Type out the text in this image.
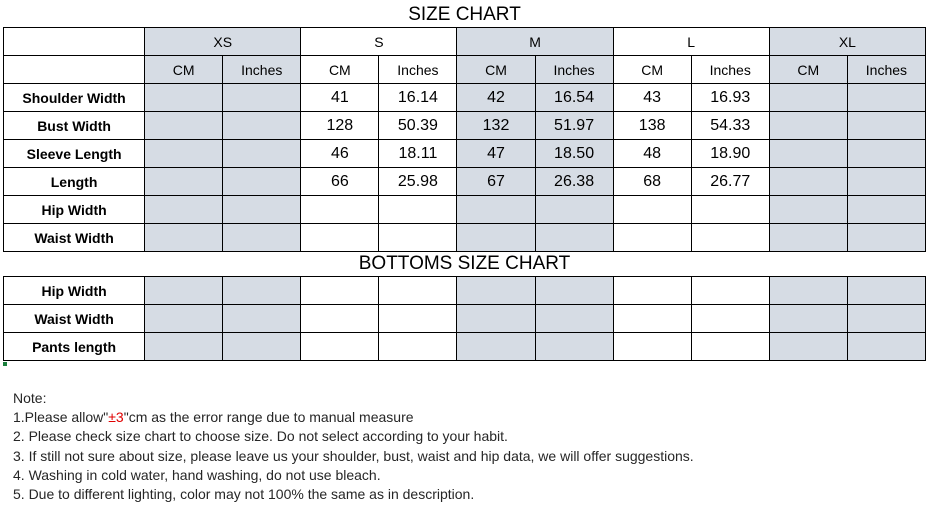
SIZE CHART										
	XS		S		M		L		XL	
	CM	Inches	CM	Inches	CM	Inches	CM	Inches	CM	Inches
Shoulder Width			41	16.14	42	16.54	43	16.93		
Bust Width			128	50.39	132	51.97	138	54.33		
Sleeve Length			46	18.11	47	18.50	48	18.90		
Length			66	25.98	67	26.38	68	26.77		
Hip Width										
Waist Width										
BOTTOMS SIZE CHART										
Hip Width										
Waist Width										
Pants length										
Note:
1.Please allow"±3"cm as the error range due to manual measure
2. Please check size chart to choose size. Do not select according to your habit.
3. If still not sure about size, please leave us your shoulder, bust, waist and hip data, we will offer suggestions.
4. Washing in cold water, hand washing, do not use bleach.
5. Due to different lighting, color may not 100% the same as in description.
